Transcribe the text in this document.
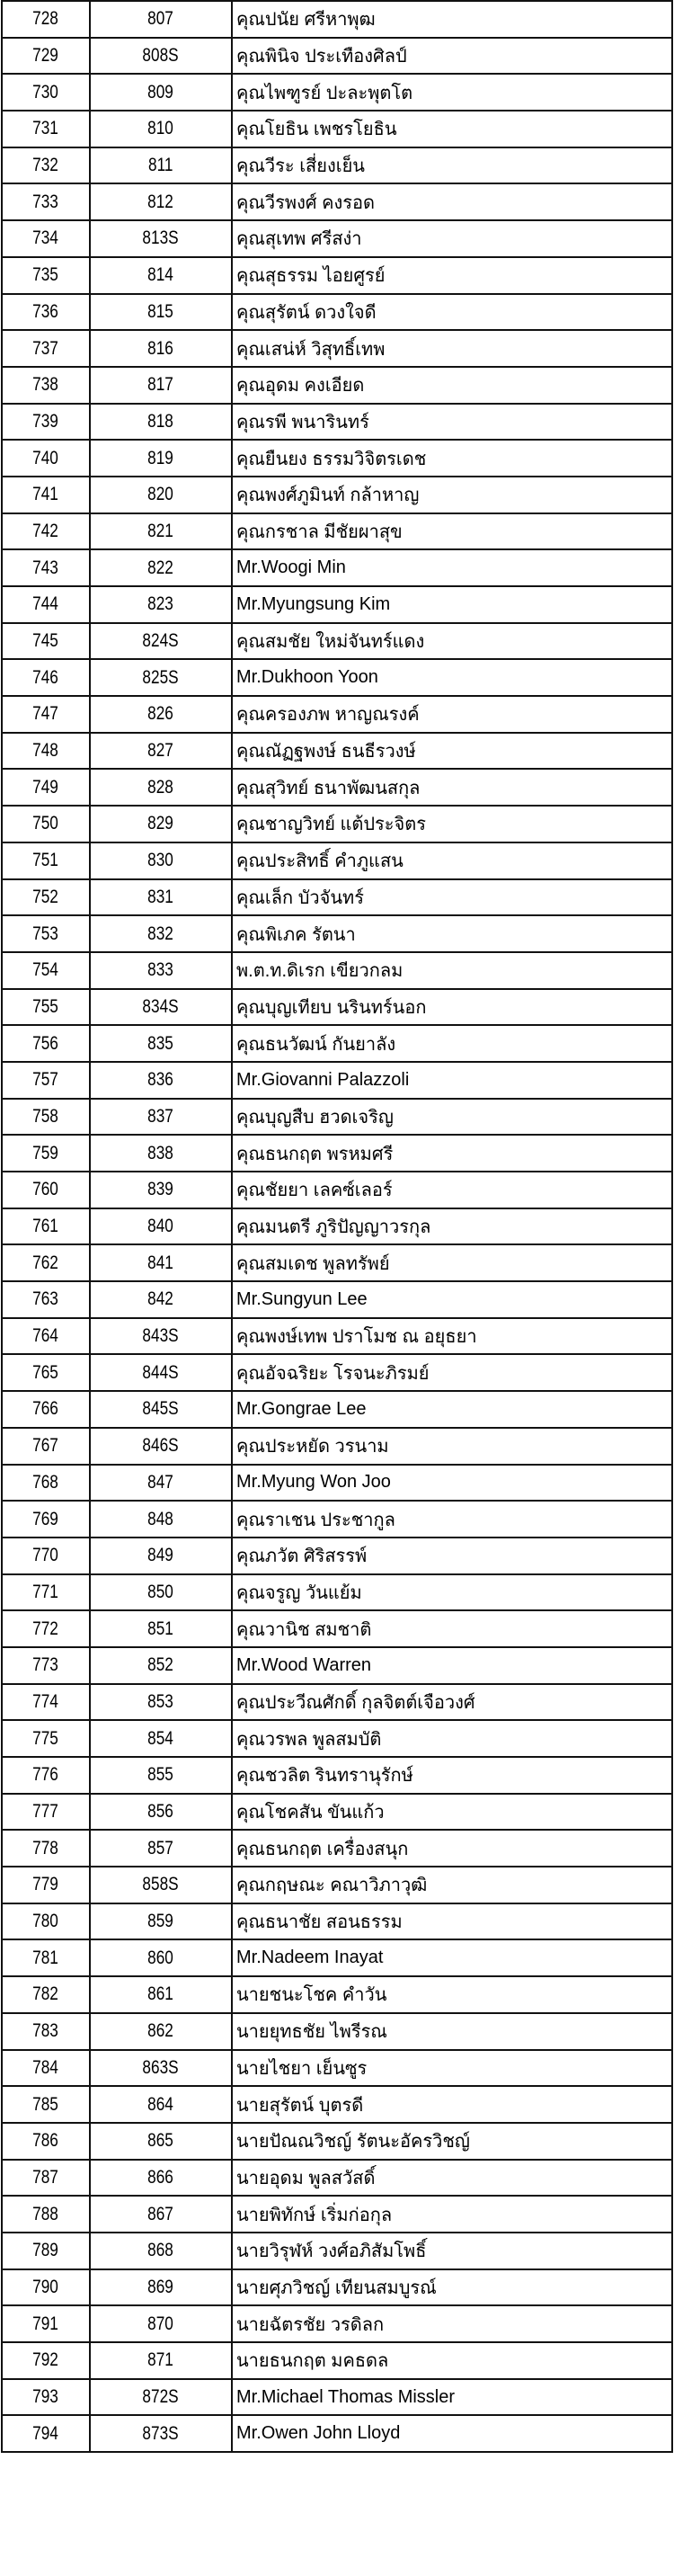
728	807	คุณปนัย ศรีหาพุฒ
729	808S	คุณพินิจ ประเทืองศิลป์
730	809	คุณไพฑูรย์ ปะละพุตโต
731	810	คุณโยธิน เพชรโยธิน
732	811	คุณวีระ เสี่ยงเย็น
733	812	คุณวีรพงศ์ คงรอด
734	813S	คุณสุเทพ ศรีสง่า
735	814	คุณสุธรรม ไอยศูรย์
736	815	คุณสุรัตน์ ดวงใจดี
737	816	คุณเสน่ห์ วิสุทธิ์เทพ
738	817	คุณอุดม คงเอียด
739	818	คุณรพี พนารินทร์
740	819	คุณยืนยง ธรรมวิจิตรเดช
741	820	คุณพงศ์ภูมินท์ กล้าหาญ
742	821	คุณกรชาล มีชัยผาสุข
743	822	Mr.Woogi Min
744	823	Mr.Myungsung Kim
745	824S	คุณสมชัย ใหม่จันทร์แดง
746	825S	Mr.Dukhoon Yoon
747	826	คุณครองภพ หาญณรงค์
748	827	คุณณัฏฐพงษ์ ธนธีรวงษ์
749	828	คุณสุวิทย์ ธนาพัฒนสกุล
750	829	คุณชาญวิทย์ แต้ประจิตร
751	830	คุณประสิทธิ์ คำภูแสน
752	831	คุณเล็ก บัวจันทร์
753	832	คุณพิเภค รัตนา
754	833	พ.ต.ท.ดิเรก เขียวกลม
755	834S	คุณบุญเทียบ นรินทร์นอก
756	835	คุณธนวัฒน์ กันยาลัง
757	836	Mr.Giovanni Palazzoli
758	837	คุณบุญสืบ ฮวดเจริญ
759	838	คุณธนกฤต พรหมศรี
760	839	คุณชัยยา เลคซ์เลอร์
761	840	คุณมนตรี ภูริปัญญาวรกุล
762	841	คุณสมเดช พูลทรัพย์
763	842	Mr.Sungyun Lee
764	843S	คุณพงษ์เทพ ปราโมช ณ อยุธยา
765	844S	คุณอัจฉริยะ โรจนะภิรมย์
766	845S	Mr.Gongrae Lee
767	846S	คุณประหยัด วรนาม
768	847	Mr.Myung Won Joo
769	848	คุณราเชน ประชากูล
770	849	คุณภวัต ศิริสรรพ์
771	850	คุณจรูญ วันแย้ม
772	851	คุณวานิช สมชาติ
773	852	Mr.Wood Warren
774	853	คุณประวีณศักดิ์ กุลจิตต์เจือวงศ์
775	854	คุณวรพล พูลสมบัติ
776	855	คุณชวลิต รินทรานุรักษ์
777	856	คุณโชคสัน ขันแก้ว
778	857	คุณธนกฤต เครื่องสนุก
779	858S	คุณกฤษณะ คณาวิภาวุฒิ
780	859	คุณธนาชัย สอนธรรม
781	860	Mr.Nadeem Inayat
782	861	นายชนะโชค คำวัน
783	862	นายยุทธชัย ไพรีรณ
784	863S	นายไชยา เย็นซูร
785	864	นายสุรัตน์ บุตรดี
786	865	นายปัณณวิชญ์ รัตนะอัครวิชญ์
787	866	นายอุดม พูลสวัสดิ์
788	867	นายพิทักษ์ เริ่มก่อกุล
789	868	นายวิรุฬห์ วงศ์อภิสัมโพธิ์
790	869	นายศุภวิชญ์ เทียนสมบูรณ์
791	870	นายฉัตรชัย วรดิลก
792	871	นายธนกฤต มคธดล
793	872S	Mr.Michael Thomas Missler
794	873S	Mr.Owen John Lloyd
